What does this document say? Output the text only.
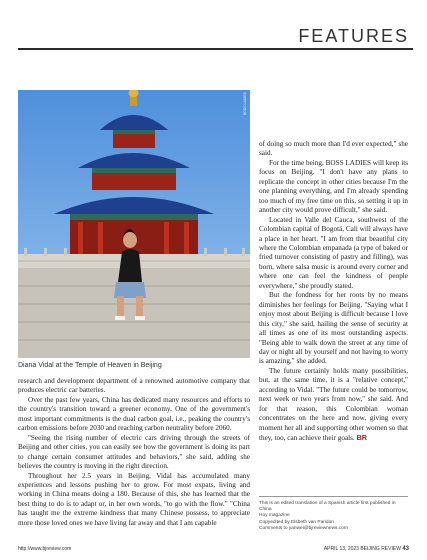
FEATURES
BOSS LADIES
Diana Vidal at the Temple of Heaven in Beijing

research and development department of a renowned automotive company that produces electric car batteries.

Over the past few years, China has dedicated many resources and efforts to the country's transition toward a greener economy. One of the government's most important commitments is the dual carbon goal, i.e., peaking the country's carbon emissions before 2030 and reaching carbon neutrality before 2060.

"Seeing the rising number of electric cars driving through the streets of Beijing and other cities, you can easily see how the government is doing its part to change certain consumer attitudes and behaviors," she said, adding she believes the country is moving in the right direction.

Throughout her 2.5 years in Beijing, Vidal has accumulated many experiences and lessons pushing her to grow. For most expats, living and working in China means doing a 180. Because of this, she has learned that the best thing to do is to adapt or, in her own words, "to go with the flow." "China has taught me the extreme kindness that many Chinese possess, to appreciate more those loved ones we have living far away and that I am capable

of doing so much more than I'd ever expected," she said.

For the time being, BOSS LADIES will keep its focus on Beijing. "I don't have any plans to replicate the concept in other cities because I'm the one planning everything, and I'm already spending too much of my free time on this, so setting it up in another city would prove difficult," she said.

Located in Valle del Cauca, southwest of the Colombian capital of Bogotá, Cali will always have a place in her heart. "I am from that beautiful city where the Colombian empanada (a type of baked or fried turnover consisting of pastry and filling), was born, where salsa music is around every corner and where one can feel the kindness of people everywhere," she proudly stated.

But the fondness for her roots by no means diminishes her feelings for Beijing. "Saying what I enjoy most about Beijing is difficult because I love this city," she said, hailing the sense of security at all times as one of its most outstanding aspects. "Being able to walk down the street at any time of day or night all by yourself and not having to worry is amazing," she added.

The future certainly holds many possibilities, but, at the same time, it is a "relative concept," according to Vidal. "The future could be tomorrow, next week or two years from now," she said. And for that reason, this Colombian woman concentrates on the here and now, giving every moment her all and supporting other women so that they, too, can achieve their goals. BR

This is an edited translation of a Spanish article first published in China
Hoy magazine
Copyedited by Elsbeth van Paridon
Comments to yanwei@bjreviewnews.com
http://www.bjreview.com	APRIL 13, 2023 BEIJING REVIEW 43
